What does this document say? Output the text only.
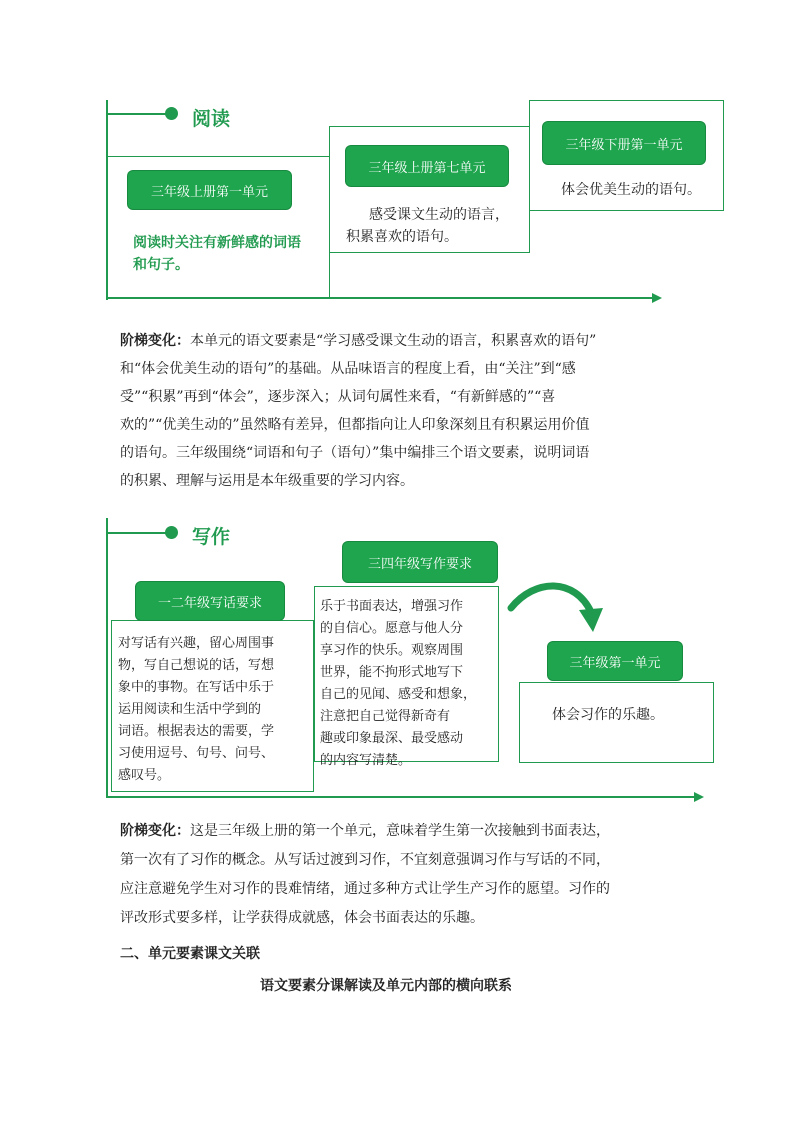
阅读
三年级上册第一单元
阅读时关注有新鲜感的词语和句子。
三年级上册第七单元
感受课文生动的语言，
积累喜欢的语句。
三年级下册第一单元
体会优美生动的语句。
阶梯变化：本单元的语文要素是“学习感受课文生动的语言，积累喜欢的语句”
和“体会优美生动的语句”的基础。从品味语言的程度上看，由“关注”到“感
受”“积累”再到“体会”，逐步深入；从词句属性来看，“有新鲜感的”“喜
欢的”“优美生动的”虽然略有差异，但都指向让人印象深刻且有积累运用价值
的语句。三年级围绕“词语和句子（语句）”集中编排三个语文要素，说明词语
的积累、理解与运用是本年级重要的学习内容。
写作
一二年级写话要求
对写话有兴趣，留心周围事
物，写自己想说的话，写想
象中的事物。在写话中乐于
运用阅读和生活中学到的
词语。根据表达的需要，学
习使用逗号、句号、问号、
感叹号。
三四年级写作要求
乐于书面表达，增强习作
的自信心。愿意与他人分
享习作的快乐。观察周围
世界，能不拘形式地写下
自己的见闻、感受和想象，
注意把自己觉得新奇有
趣或印象最深、最受感动
的内容写清楚。
三年级第一单元
体会习作的乐趣。
阶梯变化：这是三年级上册的第一个单元，意味着学生第一次接触到书面表达，
第一次有了习作的概念。从写话过渡到习作，不宜刻意强调习作与写话的不同，
应注意避免学生对习作的畏难情绪，通过多种方式让学生产习作的愿望。习作的
评改形式要多样，让学获得成就感，体会书面表达的乐趣。
二、单元要素课文关联
语文要素分课解读及单元内部的横向联系
